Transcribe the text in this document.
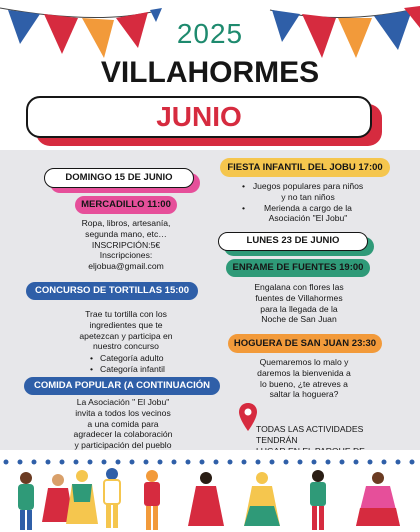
2025
VILLAHORMES
JUNIO
DOMINGO 15 DE JUNIO
MERCADILLO 11:00
Ropa, libros, artesanía,
segunda mano, etc…
INSCRIPCIÓN:5€
Inscripciones:
eljobua@gmail.com
CONCURSO DE TORTILLAS 15:00
Trae tu tortilla con los
ingredientes que te
apetezcan y participa en
nuestro concurso
• Categoría adulto
• Categoría infantil
COMIDA POPULAR (A CONTINUACIÓN
La Asociación " El Jobu"
invita a todos los vecinos
a una comida para
agradecer la colaboración
y participación del pueblo
FIESTA INFANTIL DEL JOBU 17:00
• Juegos populares para niños y no tan niños
• Merienda a cargo de la Asociación "El Jobu"
LUNES 23 DE JUNIO
ENRAME DE FUENTES 19:00
Engalana con flores las
fuentes de Villahormes
para la llegada de la
Noche de San Juan
HOGUERA DE SAN JUAN 23:30
Quemaremos lo malo y
daremos la bienvenida a
lo bueno, ¿te atreves a
saltar la hoguera?
TODAS LAS ACTIVIDADES TENDRÁN
